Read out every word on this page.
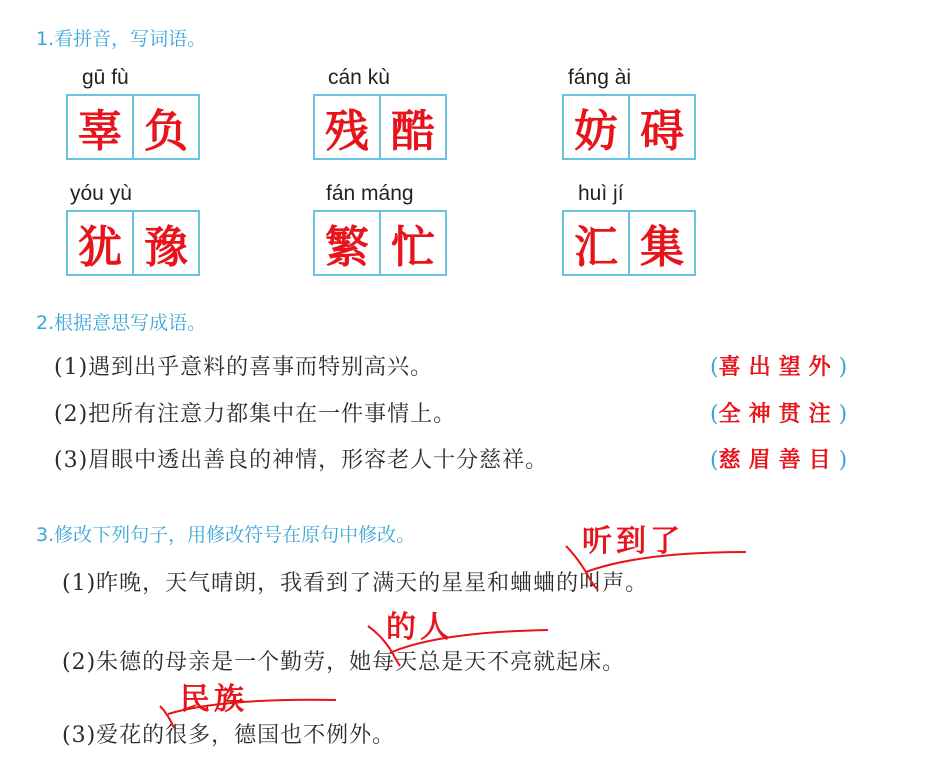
1.看拼音，写词语。
gū fù
辜 负
cán kù
残 酷
fáng ài
妨 碍
yóu yù
犹 豫
fán máng
繁 忙
huì jí
汇 集
2.根据意思写成语。
(1)遇到出乎意料的喜事而特别高兴。	(喜出望外)
(2)把所有注意力都集中在一件事情上。	(全神贯注)
(3)眉眼中透出善良的神情，形容老人十分慈祥。	(慈眉善目)
3.修改下列句子，用修改符号在原句中修改。	听到了
(1)昨晚，天气晴朗，我看到了满天的星星和蛐蛐的叫声。
的人
(2)朱德的母亲是一个勤劳，她每天总是天不亮就起床。
民族
(3)爱花的很多，德国也不例外。
